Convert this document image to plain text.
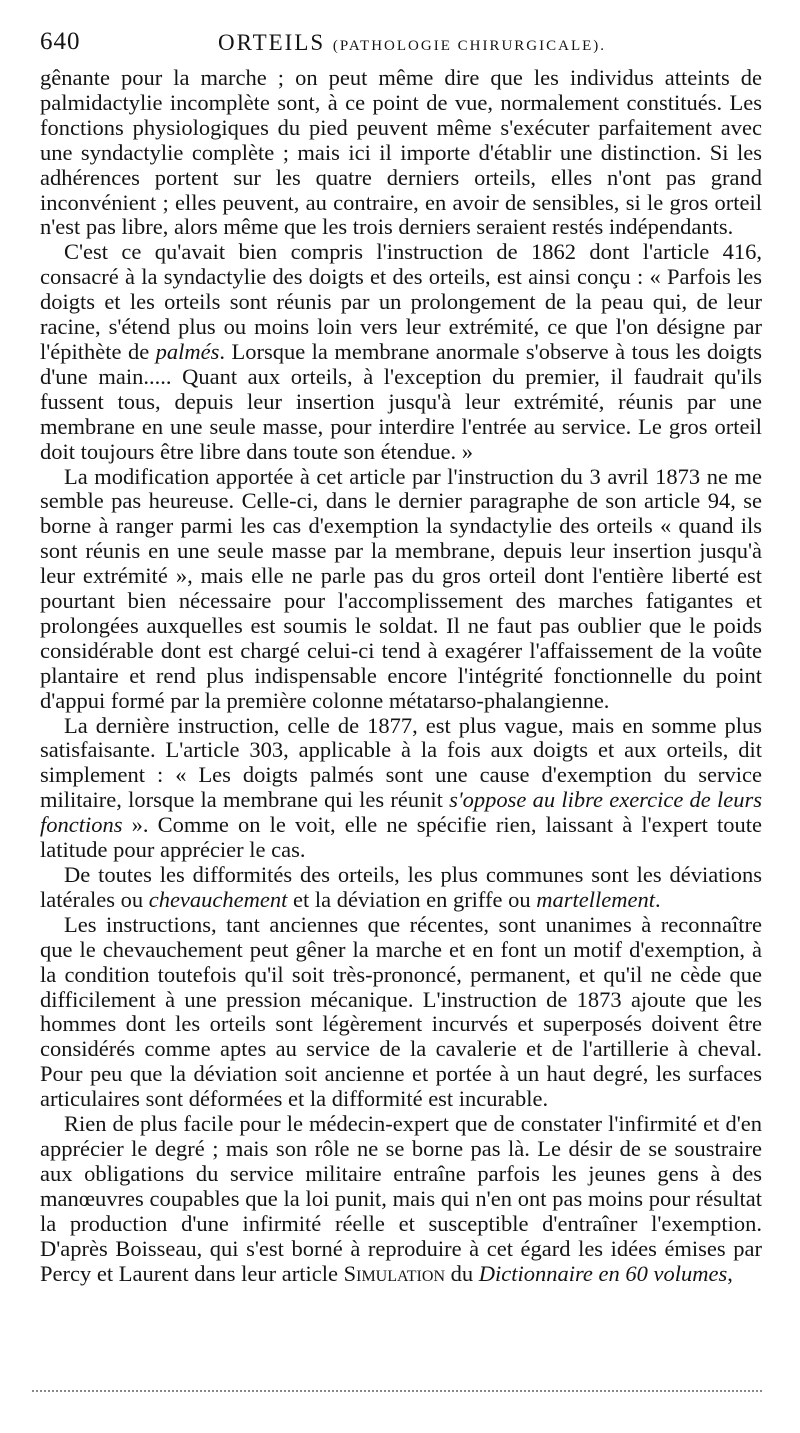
640	ORTEILS (PATHOLOGIE CHIRURGICALE).

gênante pour la marche ; on peut même dire que les individus atteints de palmidactylie incomplète sont, à ce point de vue, normalement constitués. Les fonctions physiologiques du pied peuvent même s'exécuter parfaitement avec une syndactylie complète ; mais ici il importe d'établir une distinction. Si les adhérences portent sur les quatre derniers orteils, elles n'ont pas grand inconvénient ; elles peuvent, au contraire, en avoir de sensibles, si le gros orteil n'est pas libre, alors même que les trois derniers seraient restés indépendants.

C'est ce qu'avait bien compris l'instruction de 1862 dont l'article 416, consacré à la syndactylie des doigts et des orteils, est ainsi conçu : « Parfois les doigts et les orteils sont réunis par un prolongement de la peau qui, de leur racine, s'étend plus ou moins loin vers leur extrémité, ce que l'on désigne par l'épithète de palmés. Lorsque la membrane anormale s'observe à tous les doigts d'une main..... Quant aux orteils, à l'exception du premier, il faudrait qu'ils fussent tous, depuis leur insertion jusqu'à leur extrémité, réunis par une membrane en une seule masse, pour interdire l'entrée au service. Le gros orteil doit toujours être libre dans toute son étendue. »

La modification apportée à cet article par l'instruction du 3 avril 1873 ne me semble pas heureuse. Celle-ci, dans le dernier paragraphe de son article 94, se borne à ranger parmi les cas d'exemption la syndactylie des orteils « quand ils sont réunis en une seule masse par la membrane, depuis leur insertion jusqu'à leur extrémité », mais elle ne parle pas du gros orteil dont l'entière liberté est pourtant bien nécessaire pour l'accomplissement des marches fatigantes et prolongées auxquelles est soumis le soldat. Il ne faut pas oublier que le poids considérable dont est chargé celui-ci tend à exagérer l'affaissement de la voûte plantaire et rend plus indispensable encore l'intégrité fonctionnelle du point d'appui formé par la première colonne métatarso-phalangienne.

La dernière instruction, celle de 1877, est plus vague, mais en somme plus satisfaisante. L'article 303, applicable à la fois aux doigts et aux orteils, dit simplement : « Les doigts palmés sont une cause d'exemption du service militaire, lorsque la membrane qui les réunit s'oppose au libre exercice de leurs fonctions ». Comme on le voit, elle ne spécifie rien, laissant à l'expert toute latitude pour apprécier le cas.

De toutes les difformités des orteils, les plus communes sont les déviations latérales ou chevauchement et la déviation en griffe ou martellement.

Les instructions, tant anciennes que récentes, sont unanimes à reconnaître que le chevauchement peut gêner la marche et en font un motif d'exemption, à la condition toutefois qu'il soit très-prononcé, permanent, et qu'il ne cède que difficilement à une pression mécanique. L'instruction de 1873 ajoute que les hommes dont les orteils sont légèrement incurvés et superposés doivent être considérés comme aptes au service de la cavalerie et de l'artillerie à cheval. Pour peu que la déviation soit ancienne et portée à un haut degré, les surfaces articulaires sont déformées et la difformité est incurable.

Rien de plus facile pour le médecin-expert que de constater l'infirmité et d'en apprécier le degré ; mais son rôle ne se borne pas là. Le désir de se soustraire aux obligations du service militaire entraîne parfois les jeunes gens à des manœuvres coupables que la loi punit, mais qui n'en ont pas moins pour résultat la production d'une infirmité réelle et susceptible d'entraîner l'exemption. D'après Boisseau, qui s'est borné à reproduire à cet égard les idées émises par Percy et Laurent dans leur article Simulation du Dictionnaire en 60 volumes,
